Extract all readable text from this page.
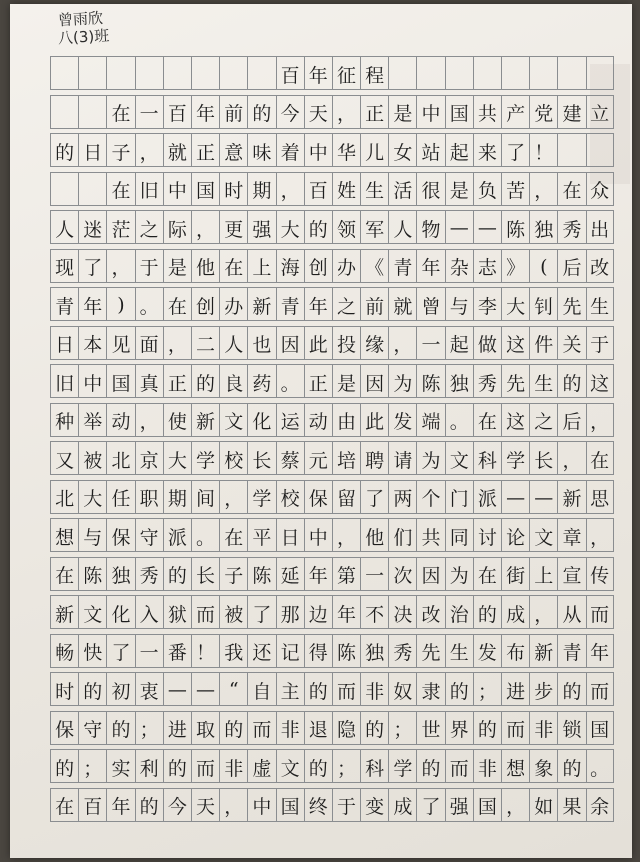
曾雨欣
八(3)班
百 年 征 程
在 一 百 年 前 的 今 天 ， 正 是 中 国 共 产 党 建 立
的 日 子 ， 就 正 意 味 着 中 华 儿 女 站 起 来 了 ！
在 旧 中 国 时 期 ， 百 姓 生 活 很 是 负 苦 ， 在 众
人 迷 茫 之 际 ， 更 强 大 的 领 军 人 物 — — 陈 独 秀 出
现 了 ， 于 是 他 在 上 海 创 办 《 青 年 杂 志 》 ( 后 改
青 年 ) 。 在 创 办 新 青 年 之 前 就 曾 与 李 大 钊 先 生
日 本 见 面 ， 二 人 也 因 此 投 缘 ， 一 起 做 这 件 关 于
旧 中 国 真 正 的 良 药 。 正 是 因 为 陈 独 秀 先 生 的 这
种 举 动 ， 使 新 文 化 运 动 由 此 发 端 。 在 这 之 后 ，
又 被 北 京 大 学 校 长 蔡 元 培 聘 请 为 文 科 学 长 ， 在
北 大 任 职 期 间 ， 学 校 保 留 了 两 个 门 派 — — 新 思
想 与 保 守 派 。 在 平 日 中 ， 他 们 共 同 讨 论 文 章 ，
在 陈 独 秀 的 长 子 陈 延 年 第 一 次 因 为 在 街 上 宣 传
新 文 化 入 狱 而 被 了 那 边 年 不 决 改 治 的 成 ， 从 而
畅 快 了 一 番 ！ 我 还 记 得 陈 独 秀 先 生 发 布 新 青 年
时 的 初 衷 — — “ 自 主 的 而 非 奴 隶 的 ； 进 步 的 而
保 守 的 ； 进 取 的 而 非 退 隐 的 ； 世 界 的 而 非 锁 国
的 ； 实 利 的 而 非 虚 文 的 ； 科 学 的 而 非 想 象 的 。
在 百 年 的 今 天 ， 中 国 终 于 变 成 了 强 国 ， 如 果 余
